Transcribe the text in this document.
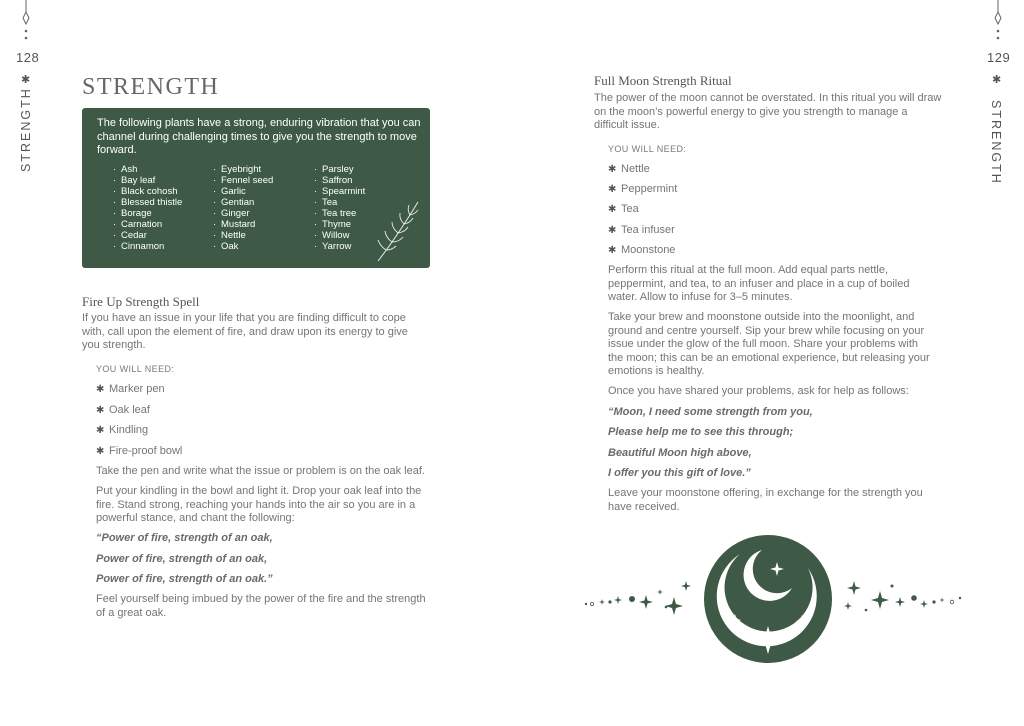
128
✱
STRENGTH
129
✱
STRENGTH
STRENGTH
The following plants have a strong, enduring vibration that you can channel during challenging times to give you the strength to move forward.
· Ash
· Bay leaf
· Black cohosh
· Blessed thistle
· Borage
· Carnation
· Cedar
· Cinnamon
· Eyebright
· Fennel seed
· Garlic
· Gentian
· Ginger
· Mustard
· Nettle
· Oak
· Parsley
· Saffron
· Spearmint
· Tea
· Tea tree
· Thyme
· Willow
· Yarrow
Fire Up Strength Spell

If you have an issue in your life that you are finding difficult to cope with, call upon the element of fire, and draw upon its energy to give you strength.

YOU WILL NEED:
✱ Marker pen
✱ Oak leaf
✱ Kindling
✱ Fire-proof bowl

Take the pen and write what the issue or problem is on the oak leaf.

Put your kindling in the bowl and light it. Drop your oak leaf into the fire. Stand strong, reaching your hands into the air so you are in a powerful stance, and chant the following:

“Power of fire, strength of an oak,
Power of fire, strength of an oak,
Power of fire, strength of an oak.”

Feel yourself being imbued by the power of the fire and the strength of a great oak.

Full Moon Strength Ritual

The power of the moon cannot be overstated. In this ritual you will draw on the moon’s powerful energy to give you strength to manage a difficult issue.

YOU WILL NEED:
✱ Nettle
✱ Peppermint
✱ Tea
✱ Tea infuser
✱ Moonstone

Perform this ritual at the full moon. Add equal parts nettle, peppermint, and tea, to an infuser and place in a cup of boiled water. Allow to infuse for 3–5 minutes.

Take your brew and moonstone outside into the moonlight, and ground and centre yourself. Sip your brew while focusing on your issue under the glow of the full moon. Share your problems with the moon; this can be an emotional experience, but releasing your emotions is healthy.

Once you have shared your problems, ask for help as follows:

“Moon, I need some strength from you,
Please help me to see this through;
Beautiful Moon high above,
I offer you this gift of love.”

Leave your moonstone offering, in exchange for the strength you have received.
